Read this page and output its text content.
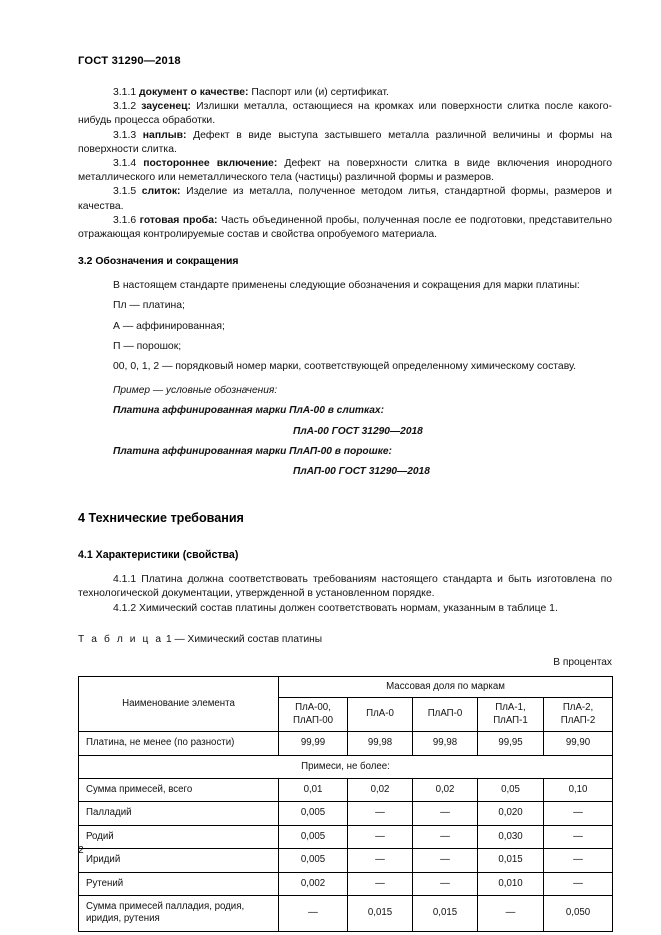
ГОСТ 31290—2018

3.1.1 документ о качестве: Паспорт или (и) сертификат.

3.1.2 заусенец: Излишки металла, остающиеся на кромках или поверхности слитка после какого-нибудь процесса обработки.

3.1.3 наплыв: Дефект в виде выступа застывшего металла различной величины и формы на поверхности слитка.

3.1.4 постороннее включение: Дефект на поверхности слитка в виде включения инородного металлического или неметаллического тела (частицы) различной формы и размеров.

3.1.5 слиток: Изделие из металла, полученное методом литья, стандартной формы, размеров и качества.

3.1.6 готовая проба: Часть объединенной пробы, полученная после ее подготовки, представительно отражающая контролируемые состав и свойства опробуемого материала.

3.2 Обозначения и сокращения

В настоящем стандарте применены следующие обозначения и сокращения для марки платины:

Пл — платина;

А — аффинированная;

П — порошок;

00, 0, 1, 2 — порядковый номер марки, соответствующей определенному химическому составу.

Пример — условные обозначения:

Платина аффинированная марки ПлА-00 в слитках:

ПлА-00 ГОСТ 31290—2018

Платина аффинированная марки ПлАП-00 в порошке:

ПлАП-00 ГОСТ 31290—2018

4 Технические требования

4.1 Характеристики (свойства)

4.1.1 Платина должна соответствовать требованиям настоящего стандарта и быть изготовлена по технологической документации, утвержденной в установленном порядке.

4.1.2 Химический состав платины должен соответствовать нормам, указанным в таблице 1.

Т а б л и ц а 1 — Химический состав платины

В процентах

Наименование элемента	Массовая доля по маркам				
	ПлА-00,
ПлАП-00	ПлА-0	ПлАП-0	ПлА-1,
ПлАП-1	ПлА-2,
ПлАП-2
Платина, не менее (по разности)	99,99	99,98	99,98	99,95	99,90
Примеси, не более:					
Сумма примесей, всего	0,01	0,02	0,02	0,05	0,10
Палладий	0,005	—	—	0,020	—
Родий	0,005	—	—	0,030	—
Иридий	0,005	—	—	0,015	—
Рутений	0,002	—	—	0,010	—
Сумма примесей палладия, родия,
иридия, рутения	—	0,015	0,015	—	0,050
2
